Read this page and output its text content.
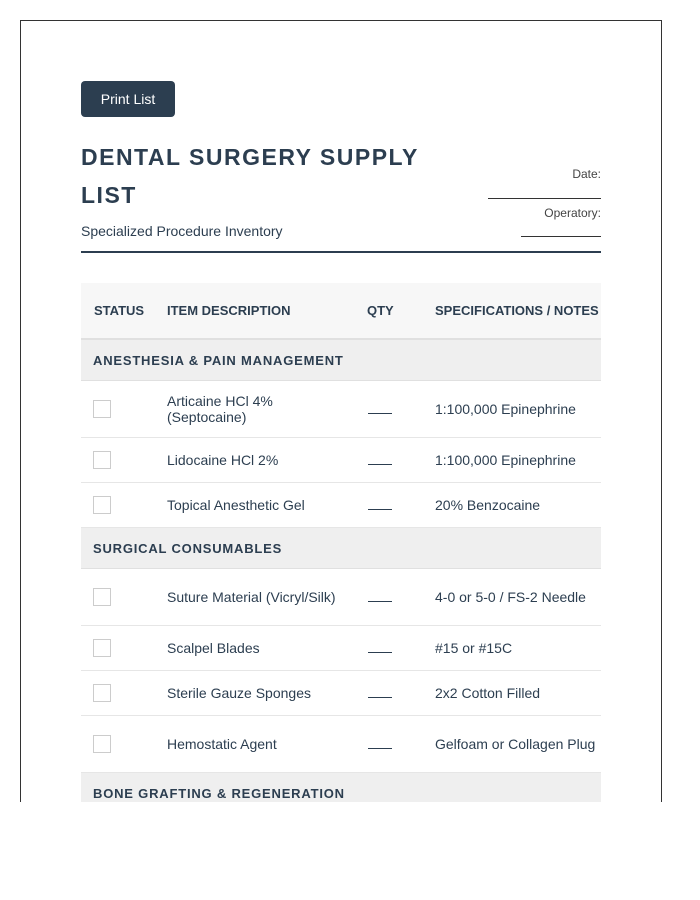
Print List
DENTAL SURGERY SUPPLY LIST
Specialized Procedure Inventory
Date:
Operatory:
STATUS	ITEM DESCRIPTION	QTY	SPECIFICATIONS / NOTES
ANESTHESIA & PAIN MANAGEMENT			
	Articaine HCl 4% (Septocaine)		1:100,000 Epinephrine
	Lidocaine HCl 2%		1:100,000 Epinephrine
	Topical Anesthetic Gel		20% Benzocaine
SURGICAL CONSUMABLES			
	Suture Material (Vicryl/Silk)		4-0 or 5-0 / FS-2 Needle
	Scalpel Blades		#15 or #15C
	Sterile Gauze Sponges		2x2 Cotton Filled
	Hemostatic Agent		Gelfoam or Collagen Plug
BONE GRAFTING & REGENERATION			
